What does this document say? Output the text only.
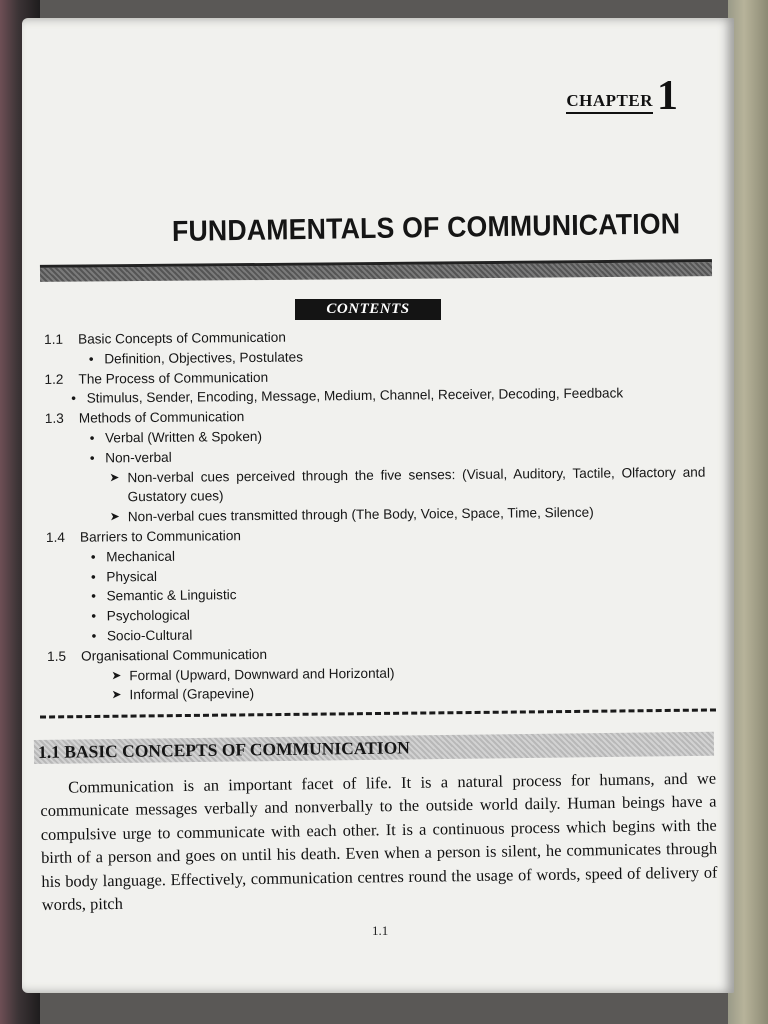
CHAPTER 1
FUNDAMENTALS OF COMMUNICATION
CONTENTS
1.1	Basic Concepts of Communication
• Definition, Objectives, Postulates
1.2	The Process of Communication
• Stimulus, Sender, Encoding, Message, Medium, Channel, Receiver, Decoding, Feedback
1.3	Methods of Communication
• Verbal (Written & Spoken)
• Non-verbal
➤ Non-verbal cues perceived through the five senses: (Visual, Auditory, Tactile, Olfactory and Gustatory cues)
➤ Non-verbal cues transmitted through (The Body, Voice, Space, Time, Silence)
1.4	Barriers to Communication
• Mechanical
• Physical
• Semantic & Linguistic
• Psychological
• Socio-Cultural
1.5	Organisational Communication
➤ Formal (Upward, Downward and Horizontal)
➤ Informal (Grapevine)
1.1 BASIC CONCEPTS OF COMMUNICATION

Communication is an important facet of life. It is a natural process for humans, and we communicate messages verbally and nonverbally to the outside world daily. Human beings have a compulsive urge to communicate with each other. It is a continuous process which begins with the birth of a person and goes on until his death. Even when a person is silent, he communicates through his body language. Effectively, communication centres round the usage of words, speed of delivery of words, pitch

1.1
